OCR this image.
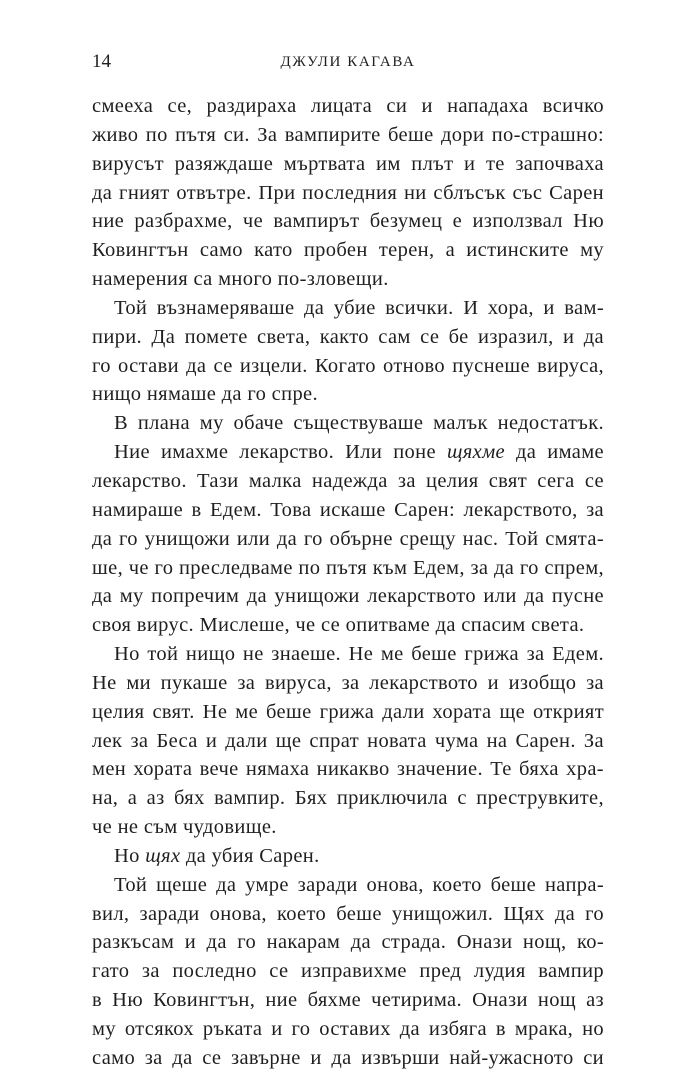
14	ДЖУЛИ КАГАВА
смееха се, раздираха лицата си и нападаха всичко
живо по пътя си. За вампирите беше дори по-страшно:
вирусът разяждаше мъртвата им плът и те започваха
да гният отвътре. При последния ни сблъсък със Сарен
ние разбрахме, че вампирът безумец е използвал Ню
Ковингтън само като пробен терен, а истинските му
намерения са много по-зловещи.
Той възнамеряваше да убие всички. И хора, и вам-
пири. Да помете света, както сам се бе изразил, и да
го остави да се изцели. Когато отново пуснеше вируса,
нищо нямаше да го спре.
В плана му обаче съществуваше малък недостатък.
Ние имахме лекарство. Или поне щяхме да имаме
лекарство. Тази малка надежда за целия свят сега се
намираше в Едем. Това искаше Сарен: лекарството, за
да го унищожи или да го обърне срещу нас. Той смята-
ше, че го преследваме по пътя към Едем, за да го спрем,
да му попречим да унищожи лекарството или да пусне
своя вирус. Мислеше, че се опитваме да спасим света.
Но той нищо не знаеше. Не ме беше грижа за Едем.
Не ми пукаше за вируса, за лекарството и изобщо за
целия свят. Не ме беше грижа дали хората ще открият
лек за Беса и дали ще спрат новата чума на Сарен. За
мен хората вече нямаха никакво значение. Те бяха хра-
на, а аз бях вампир. Бях приключила с преструвките,
че не съм чудовище.
Но щях да убия Сарен.
Той щеше да умре заради онова, което беше напра-
вил, заради онова, което беше унищожил. Щях да го
разкъсам и да го накарам да страда. Онази нощ, ко-
гато за последно се изправихме пред лудия вампир
в Ню Ковингтън, ние бяхме четирима. Онази нощ аз
му отсякох ръката и го оставих да избяга в мрака, но
само за да се завърне и да извърши най-ужасното си
